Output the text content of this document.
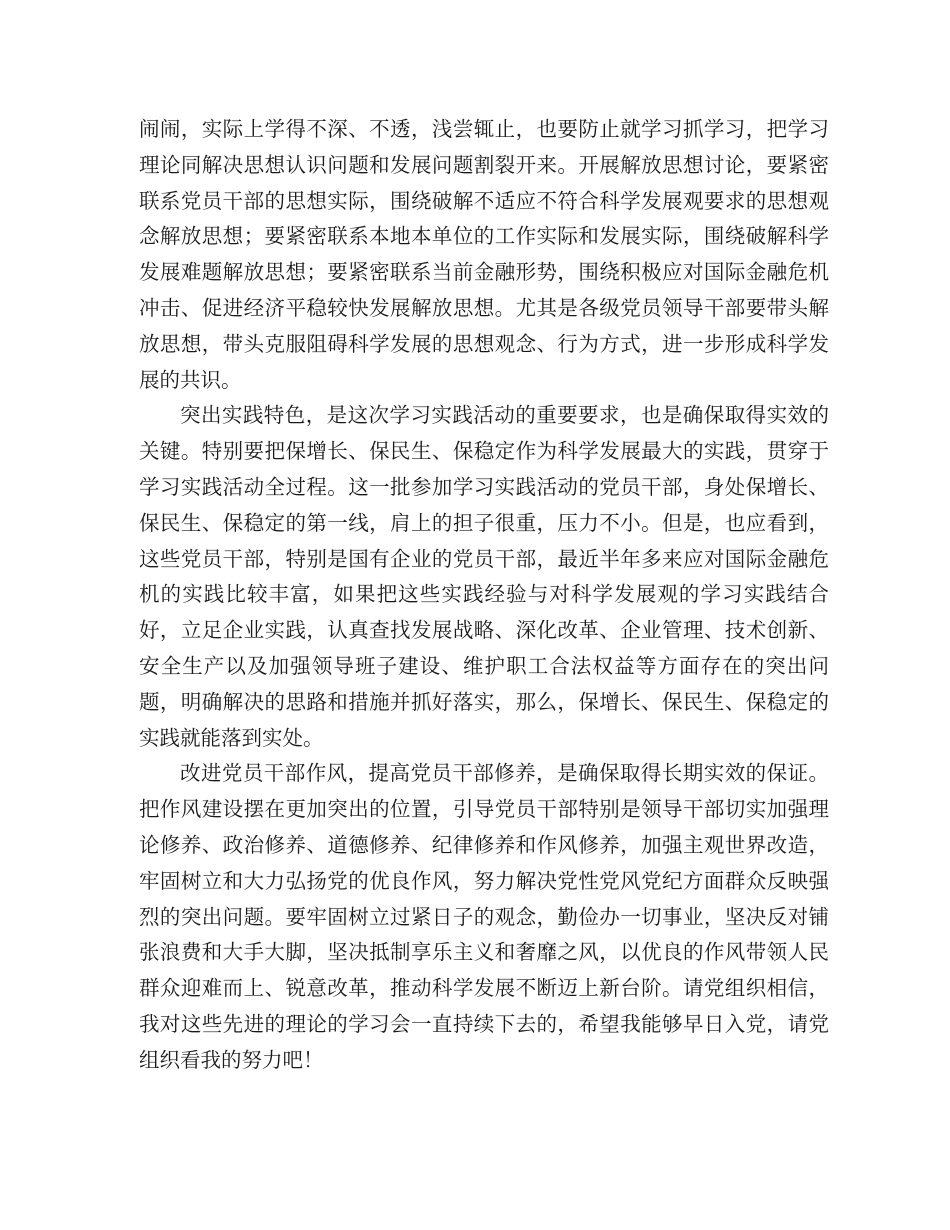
闹闹，实际上学得不深、不透，浅尝辄止，也要防止就学习抓学习，把学习理论同解决思想认识问题和发展问题割裂开来。开展解放思想讨论，要紧密联系党员干部的思想实际，围绕破解不适应不符合科学发展观要求的思想观念解放思想；要紧密联系本地本单位的工作实际和发展实际，围绕破解科学发展难题解放思想；要紧密联系当前金融形势，围绕积极应对国际金融危机冲击、促进经济平稳较快发展解放思想。尤其是各级党员领导干部要带头解放思想，带头克服阻碍科学发展的思想观念、行为方式，进一步形成科学发展的共识。

突出实践特色，是这次学习实践活动的重要要求，也是确保取得实效的关键。特别要把保增长、保民生、保稳定作为科学发展最大的实践，贯穿于学习实践活动全过程。这一批参加学习实践活动的党员干部，身处保增长、保民生、保稳定的第一线，肩上的担子很重，压力不小。但是，也应看到，这些党员干部，特别是国有企业的党员干部，最近半年多来应对国际金融危机的实践比较丰富，如果把这些实践经验与对科学发展观的学习实践结合好，立足企业实践，认真查找发展战略、深化改革、企业管理、技术创新、安全生产以及加强领导班子建设、维护职工合法权益等方面存在的突出问题，明确解决的思路和措施并抓好落实，那么，保增长、保民生、保稳定的实践就能落到实处。

改进党员干部作风，提高党员干部修养，是确保取得长期实效的保证。把作风建设摆在更加突出的位置，引导党员干部特别是领导干部切实加强理论修养、政治修养、道德修养、纪律修养和作风修养，加强主观世界改造，牢固树立和大力弘扬党的优良作风，努力解决党性党风党纪方面群众反映强烈的突出问题。要牢固树立过紧日子的观念，勤俭办一切事业，坚决反对铺张浪费和大手大脚，坚决抵制享乐主义和奢靡之风，以优良的作风带领人民群众迎难而上、锐意改革，推动科学发展不断迈上新台阶。请党组织相信，我对这些先进的理论的学习会一直持续下去的，希望我能够早日入党，请党组织看我的努力吧！
